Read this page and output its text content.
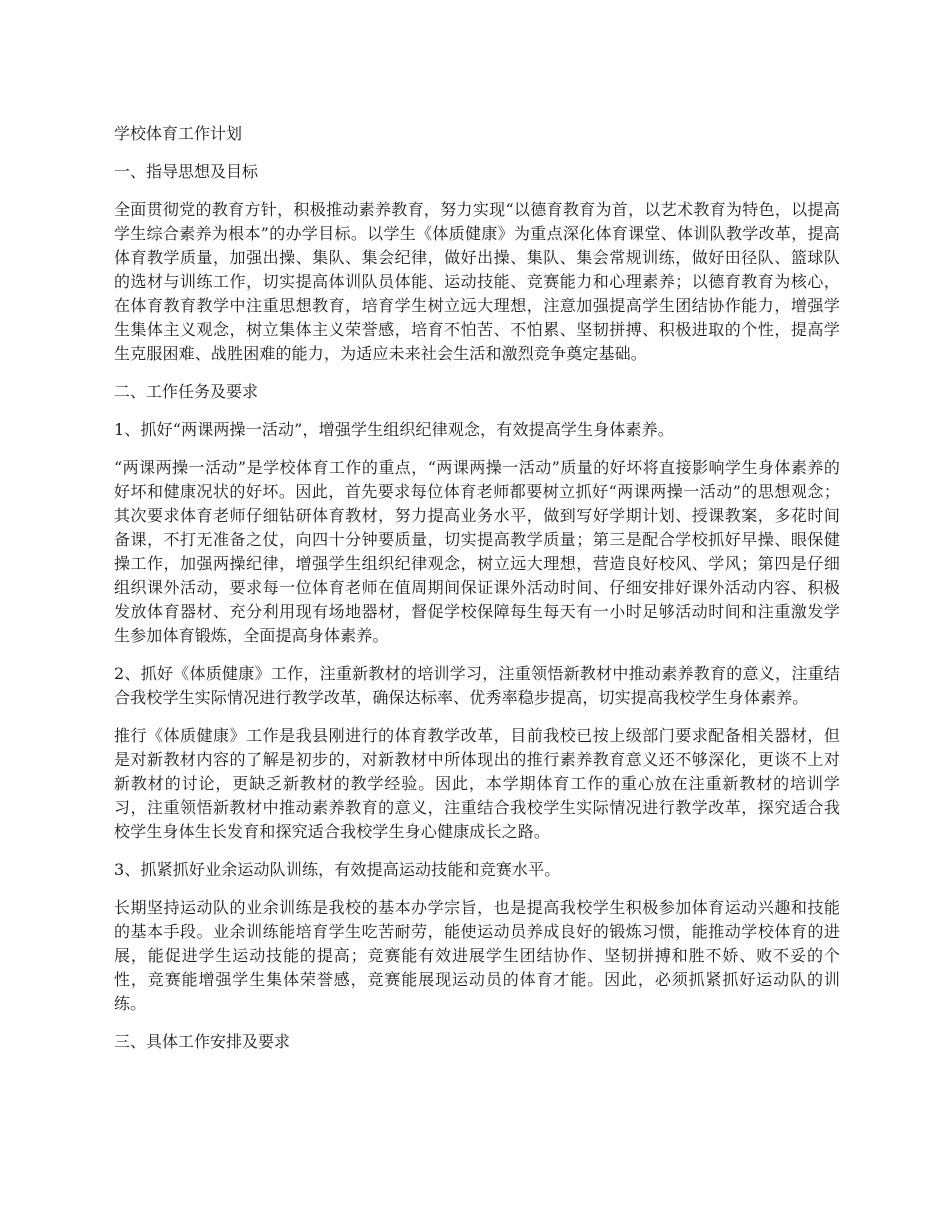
学校体育工作计划

一、指导思想及目标

全面贯彻党的教育方针，积极推动素养教育，努力实现“以德育教育为首，以艺术教育为特色，以提高学生综合素养为根本”的办学目标。以学生《体质健康》为重点深化体育课堂、体训队教学改革，提高体育教学质量，加强出操、集队、集会纪律，做好出操、集队、集会常规训练，做好田径队、篮球队的选材与训练工作，切实提高体训队员体能、运动技能、竞赛能力和心理素养；以德育教育为核心，在体育教育教学中注重思想教育，培育学生树立远大理想，注意加强提高学生团结协作能力，增强学生集体主义观念，树立集体主义荣誉感，培育不怕苦、不怕累、坚韧拼搏、积极进取的个性，提高学生克服困难、战胜困难的能力，为适应未来社会生活和激烈竞争奠定基础。

二、工作任务及要求

1、抓好“两课两操一活动”，增强学生组织纪律观念，有效提高学生身体素养。

“两课两操一活动”是学校体育工作的重点，“两课两操一活动”质量的好坏将直接影响学生身体素养的好坏和健康况状的好坏。因此，首先要求每位体育老师都要树立抓好“两课两操一活动”的思想观念；其次要求体育老师仔细钻研体育教材，努力提高业务水平，做到写好学期计划、授课教案，多花时间备课，不打无准备之仗，向四十分钟要质量，切实提高教学质量；第三是配合学校抓好早操、眼保健操工作，加强两操纪律，增强学生组织纪律观念，树立远大理想，营造良好校风、学风；第四是仔细组织课外活动，要求每一位体育老师在值周期间保证课外活动时间、仔细安排好课外活动内容、积极发放体育器材、充分利用现有场地器材，督促学校保障每生每天有一小时足够活动时间和注重激发学生参加体育锻炼，全面提高身体素养。

2、抓好《体质健康》工作，注重新教材的培训学习，注重领悟新教材中推动素养教育的意义，注重结合我校学生实际情况进行教学改革，确保达标率、优秀率稳步提高，切实提高我校学生身体素养。

推行《体质健康》工作是我县刚进行的体育教学改革，目前我校已按上级部门要求配备相关器材，但是对新教材内容的了解是初步的，对新教材中所体现出的推行素养教育意义还不够深化，更谈不上对新教材的讨论，更缺乏新教材的教学经验。因此，本学期体育工作的重心放在注重新教材的培训学习，注重领悟新教材中推动素养教育的意义，注重结合我校学生实际情况进行教学改革，探究适合我校学生身体生长发育和探究适合我校学生身心健康成长之路。

3、抓紧抓好业余运动队训练，有效提高运动技能和竞赛水平。

长期坚持运动队的业余训练是我校的基本办学宗旨，也是提高我校学生积极参加体育运动兴趣和技能的基本手段。业余训练能培育学生吃苦耐劳，能使运动员养成良好的锻炼习惯，能推动学校体育的进展，能促进学生运动技能的提高；竞赛能有效进展学生团结协作、坚韧拼搏和胜不娇、败不妥的个性，竞赛能增强学生集体荣誉感，竞赛能展现运动员的体育才能。因此，必须抓紧抓好运动队的训练。

三、具体工作安排及要求
